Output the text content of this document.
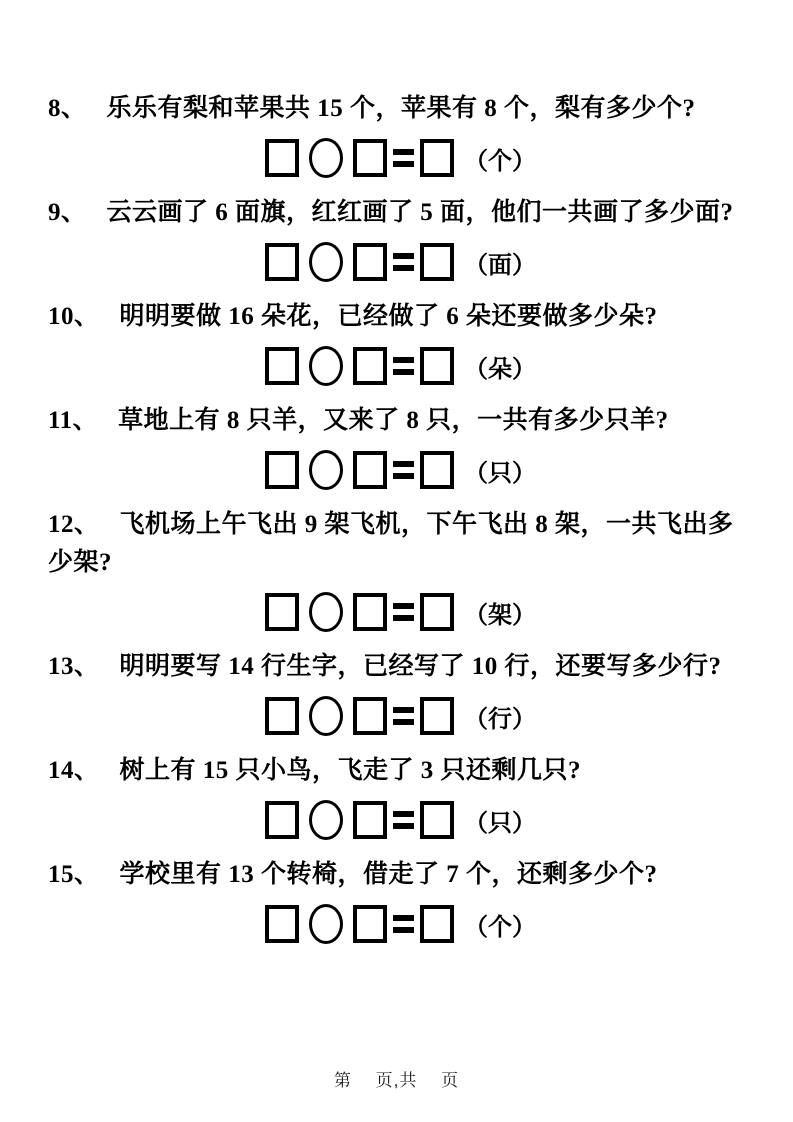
8、 乐乐有梨和苹果共 15 个，苹果有 8 个，梨有多少个?
（个）
9、 云云画了 6 面旗，红红画了 5 面，他们一共画了多少面?
（面）
10、 明明要做 16 朵花，已经做了 6 朵还要做多少朵?
（朵）
11、 草地上有 8 只羊，又来了 8 只，一共有多少只羊?
（只）
12、 飞机场上午飞出 9 架飞机，下午飞出 8 架，一共飞出多少架?
（架）
13、 明明要写 14 行生字，已经写了 10 行，还要写多少行?
（行）
14、 树上有 15 只小鸟，飞走了 3 只还剩几只?
（只）
15、 学校里有 13 个转椅，借走了 7 个，还剩多少个?
（个）
第　 页,共　 页
